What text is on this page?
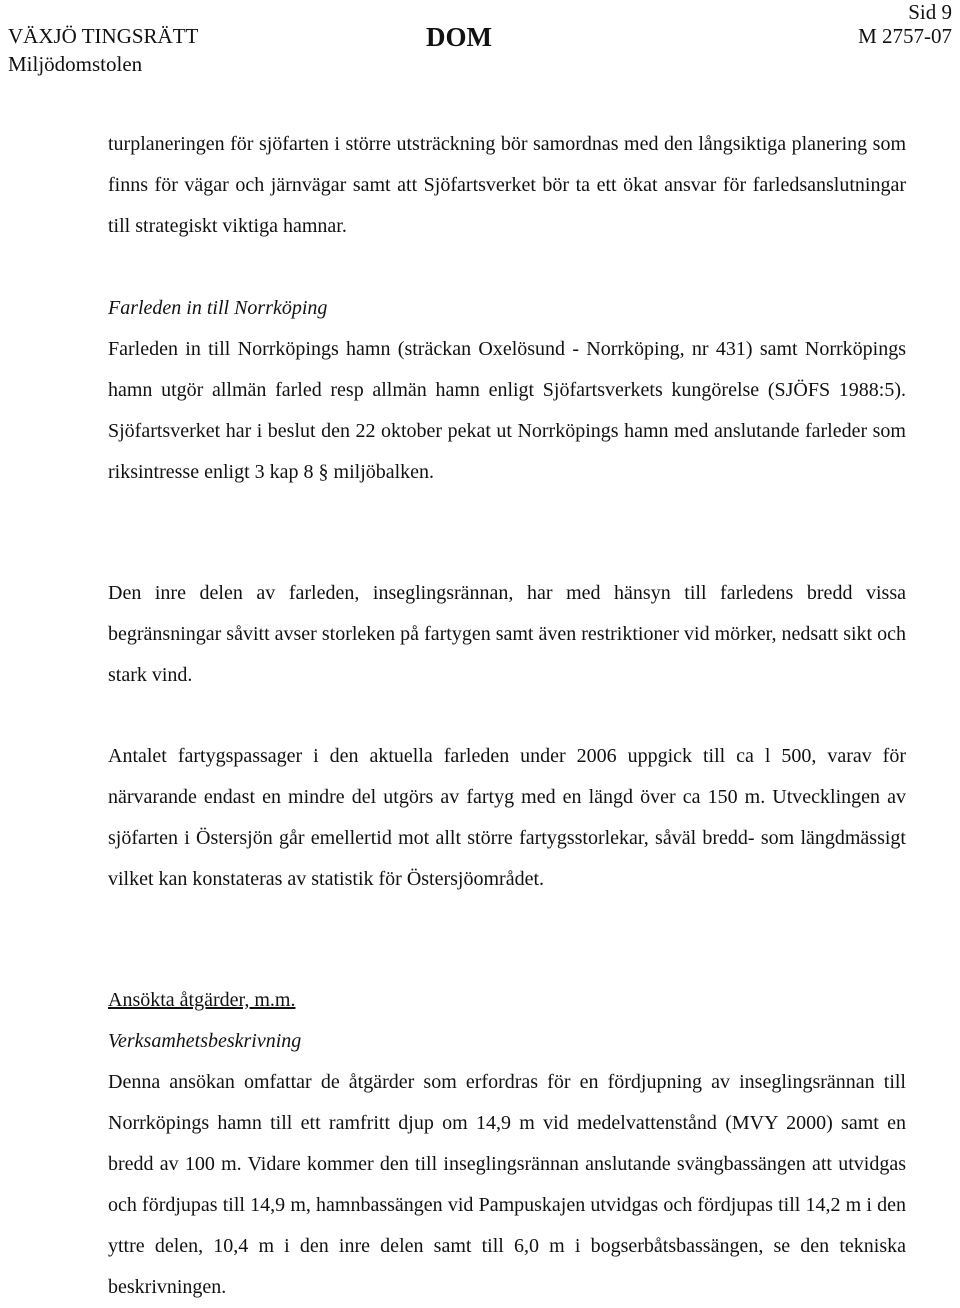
VÄXJÖ TINGSRÄTT
Miljödomstolen
DOM
Sid 9
M 2757-07

turplaneringen för sjöfarten i större utsträckning bör samordnas med den långsiktiga planering som finns för vägar och järnvägar samt att Sjöfartsverket bör ta ett ökat ansvar för farledsanslutningar till strategiskt viktiga hamnar.

Farleden in till Norrköping

Farleden in till Norrköpings hamn (sträckan Oxelösund - Norrköping, nr 431) samt Norrköpings hamn utgör allmän farled resp allmän hamn enligt Sjöfartsverkets kungörelse (SJÖFS 1988:5). Sjöfartsverket har i beslut den 22 oktober pekat ut Norrköpings hamn med anslutande farleder som riksintresse enligt 3 kap 8 § miljöbalken.

Den inre delen av farleden, inseglingsrännan, har med hänsyn till farledens bredd vissa begränsningar såvitt avser storleken på fartygen samt även restriktioner vid mörker, nedsatt sikt och stark vind.

Antalet fartygspassager i den aktuella farleden under 2006 uppgick till ca l 500, varav för närvarande endast en mindre del utgörs av fartyg med en längd över ca 150 m. Utvecklingen av sjöfarten i Östersjön går emellertid mot allt större fartygsstorlekar, såväl bredd- som längdmässigt vilket kan konstateras av statistik för Östersjöområdet.

Ansökta åtgärder, m.m.
Verksamhetsbeskrivning

Denna ansökan omfattar de åtgärder som erfordras för en fördjupning av inseglingsrännan till Norrköpings hamn till ett ramfritt djup om 14,9 m vid medelvattenstånd (MVY 2000) samt en bredd av 100 m. Vidare kommer den till inseglingsrännan anslutande svängbassängen att utvidgas och fördjupas till 14,9 m, hamnbassängen vid Pampuskajen utvidgas och fördjupas till 14,2 m i den yttre delen, 10,4 m i den inre delen samt till 6,0 m i bogserbåtsbassängen, se den tekniska beskrivningen.
